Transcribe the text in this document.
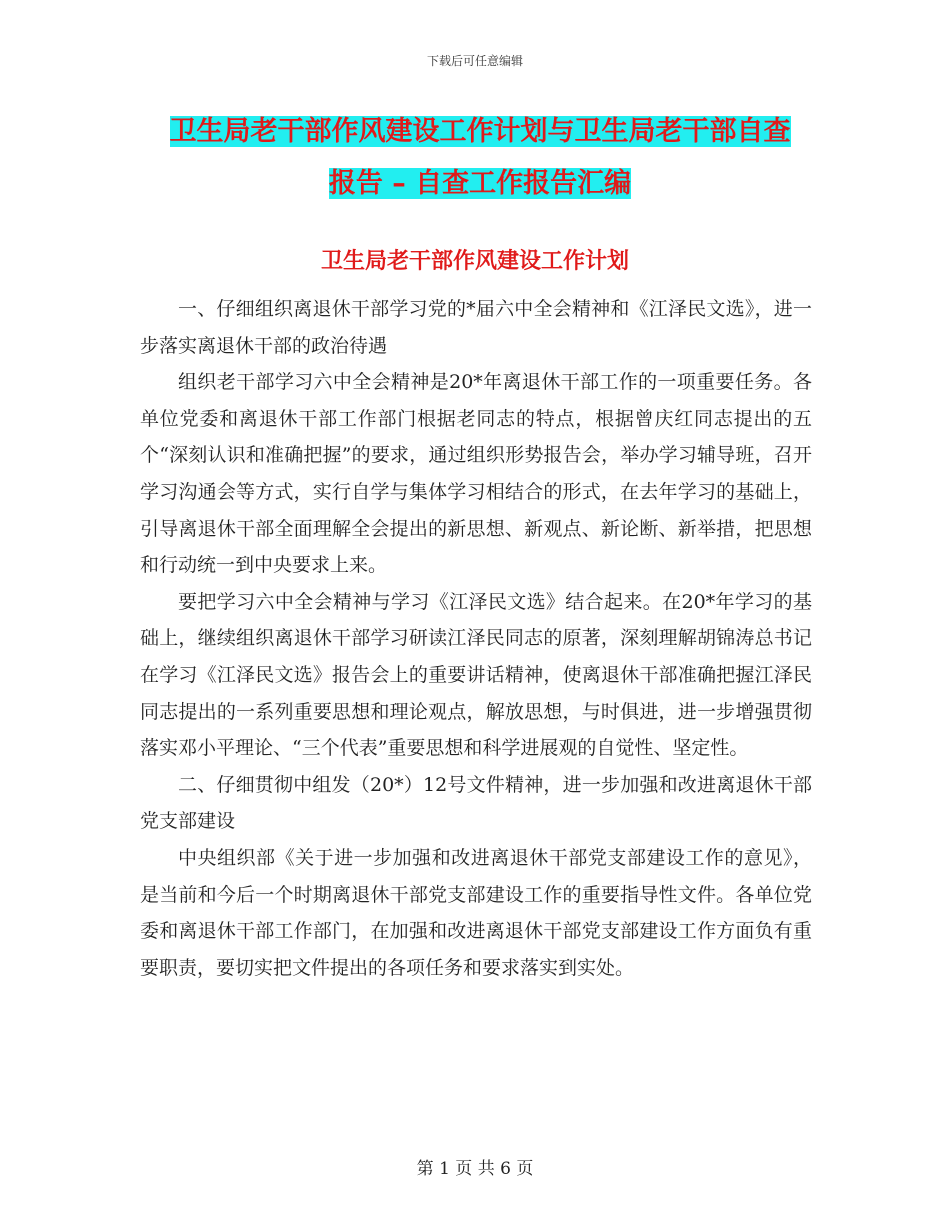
下载后可任意编辑
卫生局老干部作风建设工作计划与卫生局老干部自查
报告 – 自查工作报告汇编
卫生局老干部作风建设工作计划

一、仔细组织离退休干部学习党的*届六中全会精神和《江泽民文选》，进一步落实离退休干部的政治待遇

组织老干部学习六中全会精神是20*年离退休干部工作的一项重要任务。各单位党委和离退休干部工作部门根据老同志的特点，根据曾庆红同志提出的五个“深刻认识和准确把握”的要求，通过组织形势报告会，举办学习辅导班，召开学习沟通会等方式，实行自学与集体学习相结合的形式，在去年学习的基础上，引导离退休干部全面理解全会提出的新思想、新观点、新论断、新举措，把思想和行动统一到中央要求上来。

要把学习六中全会精神与学习《江泽民文选》结合起来。在20*年学习的基础上，继续组织离退休干部学习研读江泽民同志的原著，深刻理解胡锦涛总书记在学习《江泽民文选》报告会上的重要讲话精神，使离退休干部准确把握江泽民同志提出的一系列重要思想和理论观点，解放思想，与时俱进，进一步增强贯彻落实邓小平理论、“三个代表”重要思想和科学进展观的自觉性、坚定性。

二、仔细贯彻中组发（20*）12号文件精神，进一步加强和改进离退休干部党支部建设

中央组织部《关于进一步加强和改进离退休干部党支部建设工作的意见》，是当前和今后一个时期离退休干部党支部建设工作的重要指导性文件。各单位党委和离退休干部工作部门，在加强和改进离退休干部党支部建设工作方面负有重要职责，要切实把文件提出的各项任务和要求落实到实处。

第 1 页 共 6 页
